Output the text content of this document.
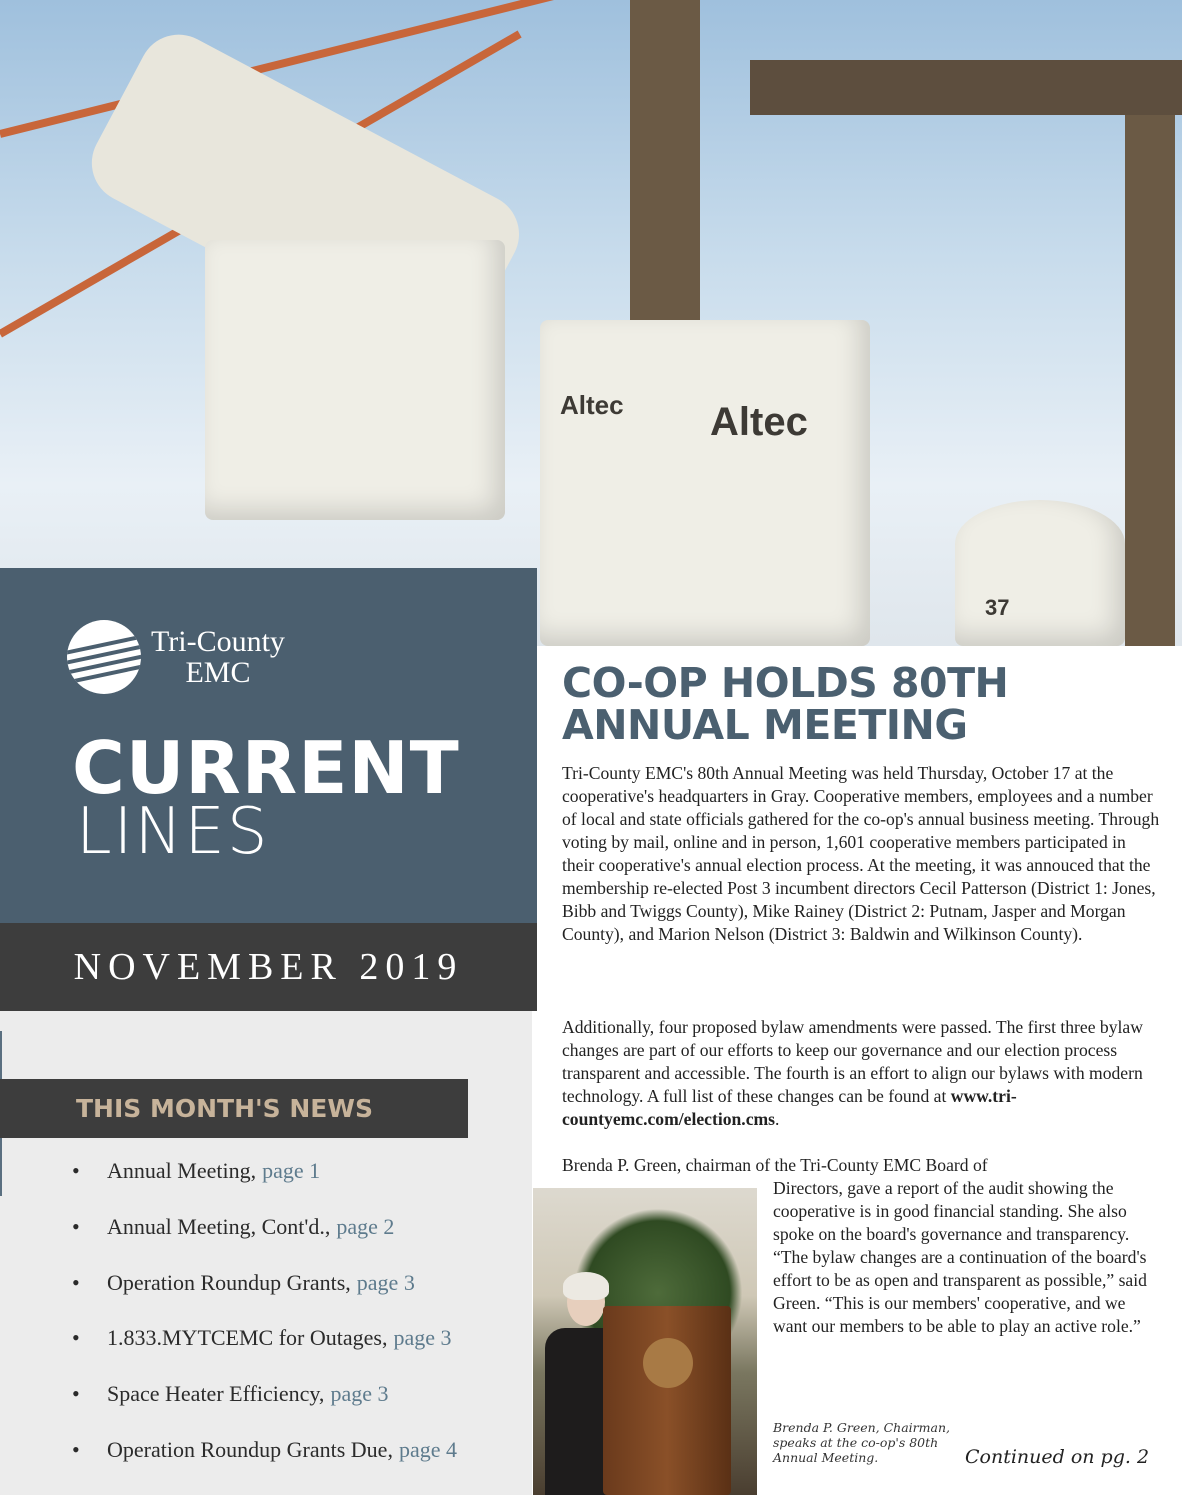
Altec
Altec
37
Tri-County
EMC
CURRENT
LINES
NOVEMBER 2019
THIS MONTH'S NEWS
•	Annual Meeting, page 1
•	Annual Meeting, Cont'd., page 2
•	Operation Roundup Grants, page 3
•	1.833.MYTCEMC for Outages, page 3
•	Space Heater Efficiency, page 3
•	Operation Roundup Grants Due, page 4
CO-OP HOLDS 80TH
ANNUAL MEETING

Tri-County EMC's 80th Annual Meeting was held Thursday, October 17 at the cooperative's headquarters in Gray. Cooperative members, employees and a number of local and state officials gathered for the co-op's annual business meeting. Through voting by mail, online and in person, 1,601 cooperative members participated in their cooperative's annual election process. At the meeting, it was annouced that the membership re-elected Post 3 incumbent directors Cecil Patterson (District 1: Jones, Bibb and Twiggs County), Mike Rainey (District 2: Putnam, Jasper and Morgan County), and Marion Nelson (District 3: Baldwin and Wilkinson County).

Additionally, four proposed bylaw amendments were passed. The first three bylaw changes are part of our efforts to keep our governance and our election process transparent and accessible. The fourth is an effort to align our bylaws with modern technology. A full list of these changes can be found at www.tri-countyemc.com/election.cms.

Brenda P. Green, chairman of the Tri-County EMC Board of

Directors, gave a report of the audit showing the cooperative is in good financial standing. She also spoke on the board's governance and transparency. “The bylaw changes are a continuation of the board's effort to be as open and transparent as possible,” said Green. “This is our members' cooperative, and we want our members to be able to play an active role.”

Brenda P. Green, Chairman, speaks at the co-op's 80th Annual Meeting.	Continued on pg. 2
